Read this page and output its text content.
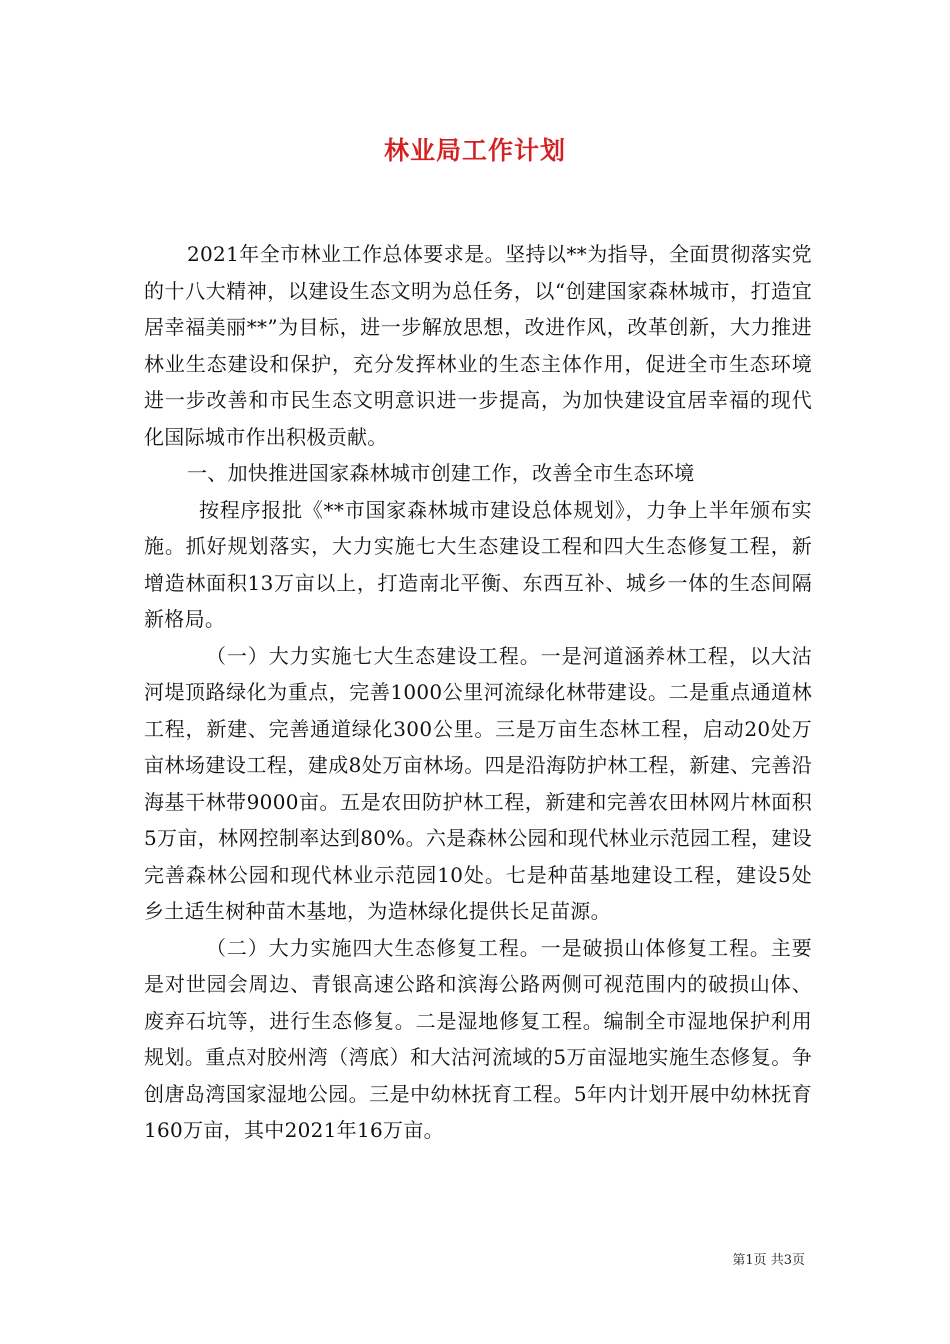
林业局工作计划

2021年全市林业工作总体要求是。坚持以**为指导，全面贯彻落实党的十八大精神，以建设生态文明为总任务，以“创建国家森林城市，打造宜居幸福美丽**”为目标，进一步解放思想，改进作风，改革创新，大力推进林业生态建设和保护，充分发挥林业的生态主体作用，促进全市生态环境进一步改善和市民生态文明意识进一步提高，为加快建设宜居幸福的现代化国际城市作出积极贡献。

一、加快推进国家森林城市创建工作，改善全市生态环境

按程序报批《**市国家森林城市建设总体规划》，力争上半年颁布实施。抓好规划落实，大力实施七大生态建设工程和四大生态修复工程，新增造林面积13万亩以上，打造南北平衡、东西互补、城乡一体的生态间隔新格局。

（一）大力实施七大生态建设工程。一是河道涵养林工程，以大沽河堤顶路绿化为重点，完善1000公里河流绿化林带建设。二是重点通道林工程，新建、完善通道绿化300公里。三是万亩生态林工程，启动20处万亩林场建设工程，建成8处万亩林场。四是沿海防护林工程，新建、完善沿海基干林带9000亩。五是农田防护林工程，新建和完善农田林网片林面积5万亩，林网控制率达到80%。六是森林公园和现代林业示范园工程，建设完善森林公园和现代林业示范园10处。七是种苗基地建设工程，建设5处乡土适生树种苗木基地，为造林绿化提供长足苗源。

（二）大力实施四大生态修复工程。一是破损山体修复工程。主要是对世园会周边、青银高速公路和滨海公路两侧可视范围内的破损山体、废弃石坑等，进行生态修复。二是湿地修复工程。编制全市湿地保护利用规划。重点对胶州湾（湾底）和大沽河流域的5万亩湿地实施生态修复。争创唐岛湾国家湿地公园。三是中幼林抚育工程。5年内计划开展中幼林抚育160万亩，其中2021年16万亩。

第1页 共3页
